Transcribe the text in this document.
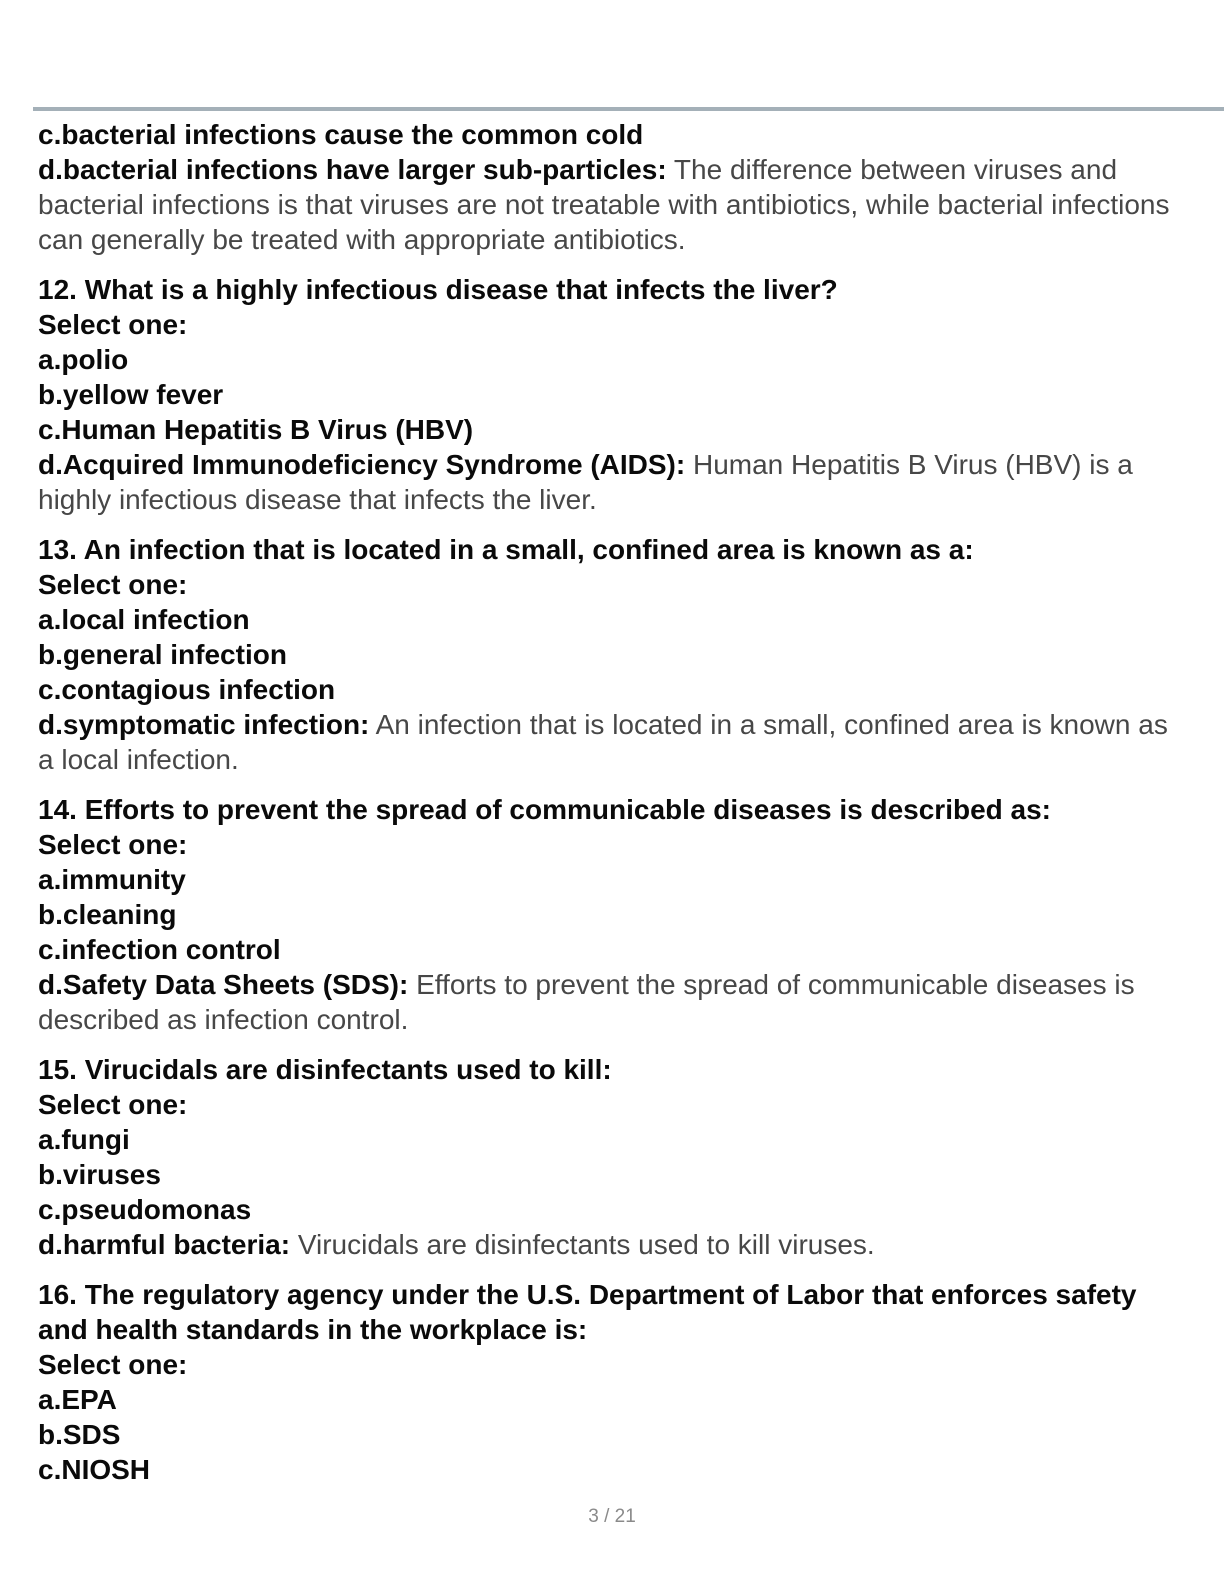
c.bacterial infections cause the common cold

d.bacterial infections have larger sub-particles: The difference between viruses and bacterial infections is that viruses are not treatable with antibiotics, while bacterial infections can generally be treated with appropriate antibiotics.

12. What is a highly infectious disease that infects the liver?

Select one:

a.polio

b.yellow fever

c.Human Hepatitis B Virus (HBV)

d.Acquired Immunodeficiency Syndrome (AIDS): Human Hepatitis B Virus (HBV) is a highly infectious disease that infects the liver.

13. An infection that is located in a small, confined area is known as a:

Select one:

a.local infection

b.general infection

c.contagious infection

d.symptomatic infection: An infection that is located in a small, confined area is known as a local infection.

14. Efforts to prevent the spread of communicable diseases is described as:

Select one:

a.immunity

b.cleaning

c.infection control

d.Safety Data Sheets (SDS): Efforts to prevent the spread of communicable diseases is described as infection control.

15. Virucidals are disinfectants used to kill:

Select one:

a.fungi

b.viruses

c.pseudomonas

d.harmful bacteria: Virucidals are disinfectants used to kill viruses.

16. The regulatory agency under the U.S. Department of Labor that enforces safety and health standards in the workplace is:

Select one:

a.EPA

b.SDS

c.NIOSH

3 / 21
